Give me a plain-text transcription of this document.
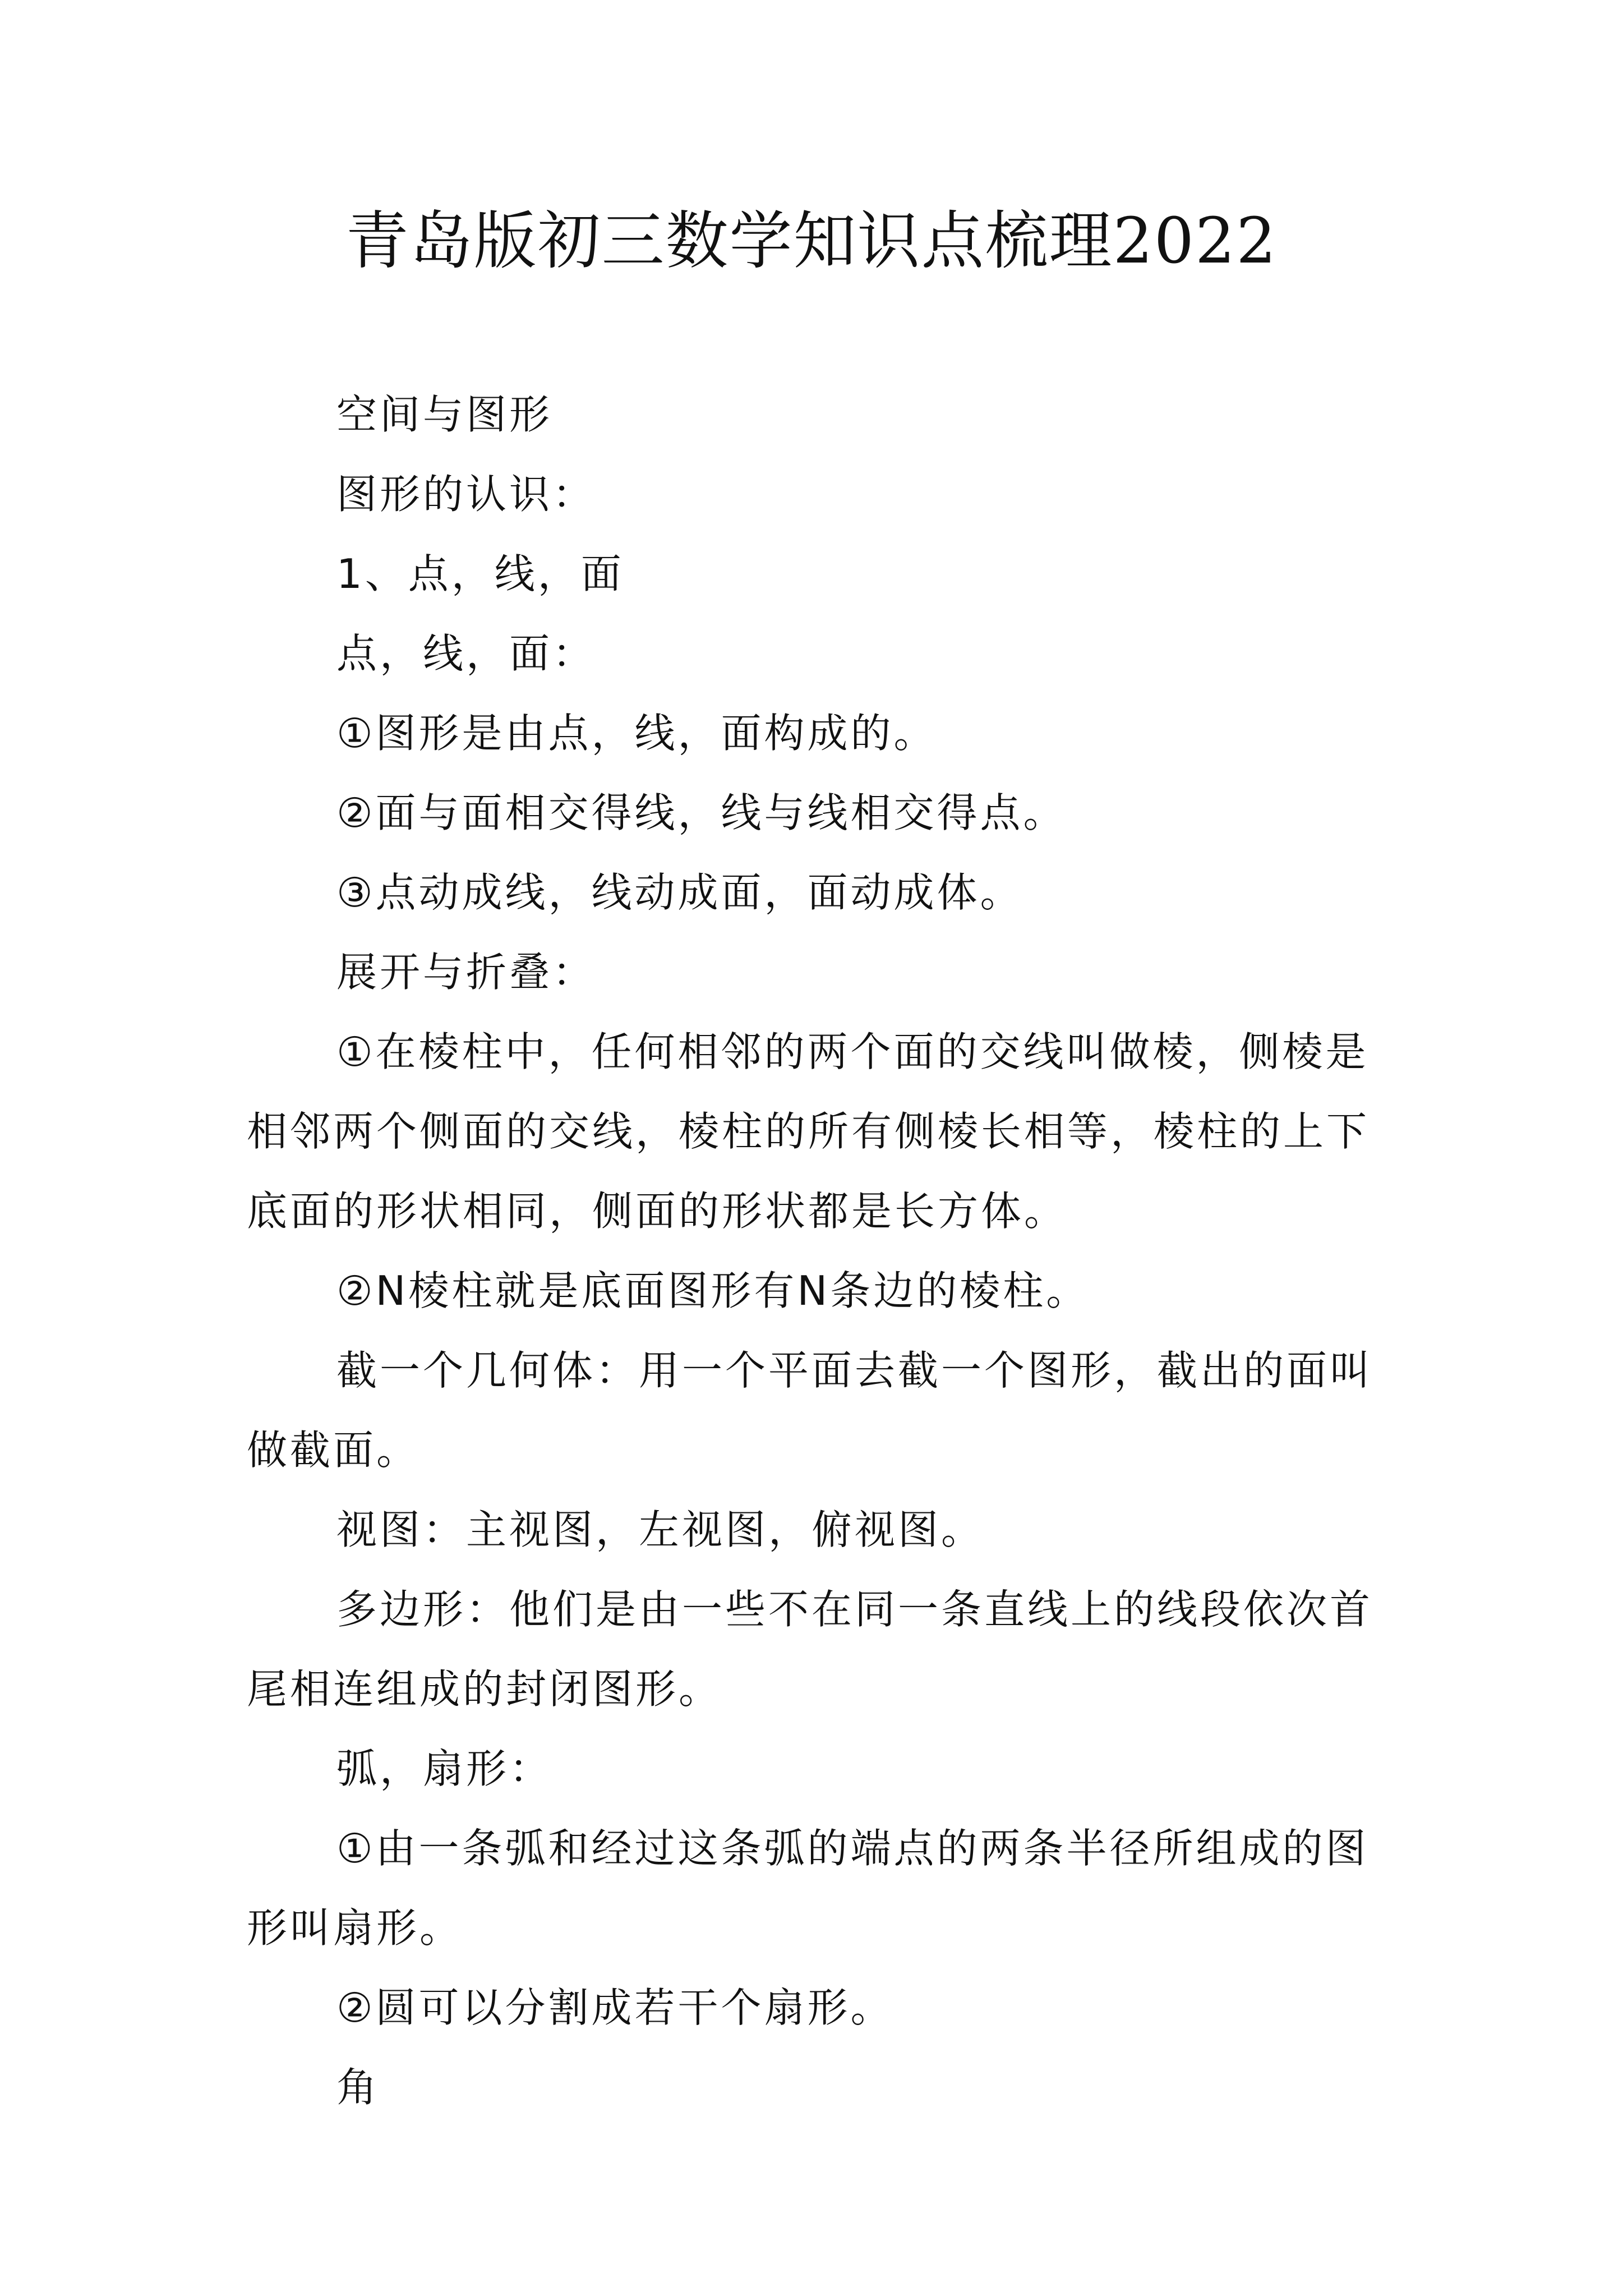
青岛版初三数学知识点梳理2022

空间与图形

图形的认识：

1、点，线，面

点，线，面：

①图形是由点，线，面构成的。

②面与面相交得线，线与线相交得点。

③点动成线，线动成面，面动成体。

展开与折叠：

①在棱柱中，任何相邻的两个面的交线叫做棱，侧棱是相邻两个侧面的交线，棱柱的所有侧棱长相等，棱柱的上下底面的形状相同，侧面的形状都是长方体。

②N棱柱就是底面图形有N条边的棱柱。

截一个几何体：用一个平面去截一个图形，截出的面叫做截面。

视图：主视图，左视图，俯视图。

多边形：他们是由一些不在同一条直线上的线段依次首尾相连组成的封闭图形。

弧，扇形：

①由一条弧和经过这条弧的端点的两条半径所组成的图形叫扇形。

②圆可以分割成若干个扇形。

角
